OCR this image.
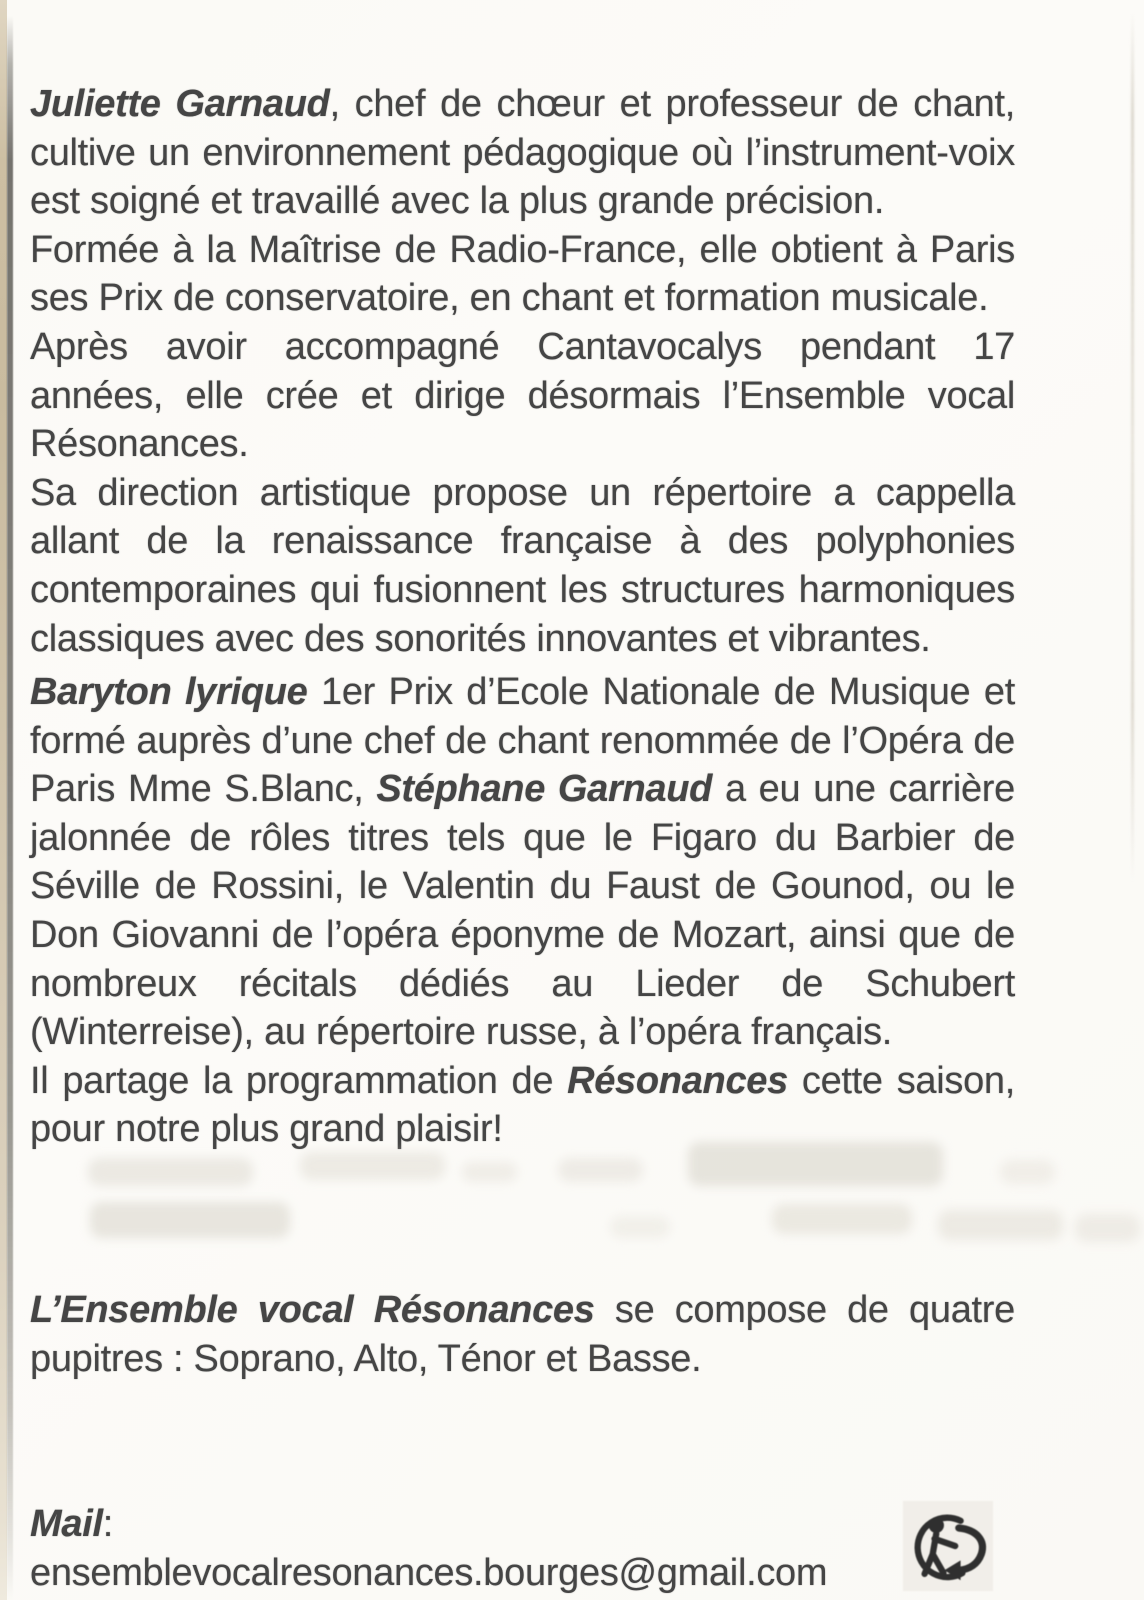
Juliette Garnaud, chef de chœur et professeur de chant, cultive un environnement pédagogique où l’instrument-voix est soigné et travaillé avec la plus grande précision.

Formée à la Maîtrise de Radio-France, elle obtient à Paris ses Prix de conservatoire, en chant et formation musicale.

Après avoir accompagné Cantavocalys pendant 17 années, elle crée et dirige désormais l’Ensemble vocal Résonances.

Sa direction artistique propose un répertoire a cappella allant de la renaissance française à des polyphonies contemporaines qui fusionnent les structures harmoniques classiques avec des sonorités innovantes et vibrantes.

Baryton lyrique 1er Prix d’Ecole Nationale de Musique et formé auprès d’une chef de chant renommée de l’Opéra de Paris Mme S.Blanc, Stéphane Garnaud a eu une carrière jalonnée de rôles titres tels que le Figaro du Barbier de Séville de Rossini, le Valentin du Faust de Gounod, ou le Don Giovanni de l’opéra éponyme de Mozart, ainsi que de nombreux récitals dédiés au Lieder de Schubert (Winterreise), au répertoire russe, à l’opéra français.

Il partage la programmation de Résonances cette saison, pour notre plus grand plaisir!

L’Ensemble vocal Résonances se compose de quatre pupitres : Soprano, Alto, Ténor et Basse.

Mail: ensemblevocalresonances.bourges@gmail.com
